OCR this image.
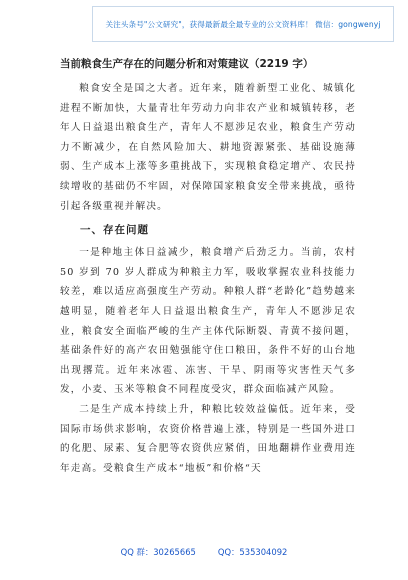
关注头条号"公文研究"，获得最新最全最专业的公文资料库！ 微信：gongwenyj
当前粮食生产存在的问题分析和对策建议（2219 字）

粮食安全是国之大者。近年来，随着新型工业化、城镇化进程不断加快，大量青壮年劳动力向非农产业和城镇转移，老年人日益退出粮食生产，青年人不愿涉足农业，粮食生产劳动力不断减少，在自然风险加大、耕地资源紧张、基础设施薄弱、生产成本上涨等多重挑战下，实现粮食稳定增产、农民持续增收的基础仍不牢固，对保障国家粮食安全带来挑战，亟待引起各级重视并解决。

一、存在问题

一是种地主体日益减少，粮食增产后劲乏力。当前，农村 50 岁到 70 岁人群成为种粮主力军，吸收掌握农业科技能力较差，难以适应高强度生产劳动。种粮人群“老龄化”趋势越来越明显，随着老年人日益退出粮食生产，青年人不愿涉足农业，粮食安全面临严峻的生产主体代际断裂、青黄不接问题，基础条件好的高产农田勉强能守住口粮田，条件不好的山台地出现撂荒。近年来冰雹、冻害、干旱、阴雨等灾害性天气多发，小麦、玉米等粮食不同程度受灾，群众面临减产风险。

二是生产成本持续上升，种粮比较效益偏低。近年来，受国际市场供求影响，农资价格普遍上涨，特别是一些国外进口的化肥、尿素、复合肥等农资供应紧俏，田地翻耕作业费用连年走高。受粮食生产成本“地板”和价格“天

QQ 群：30265665	QQ：535304092
